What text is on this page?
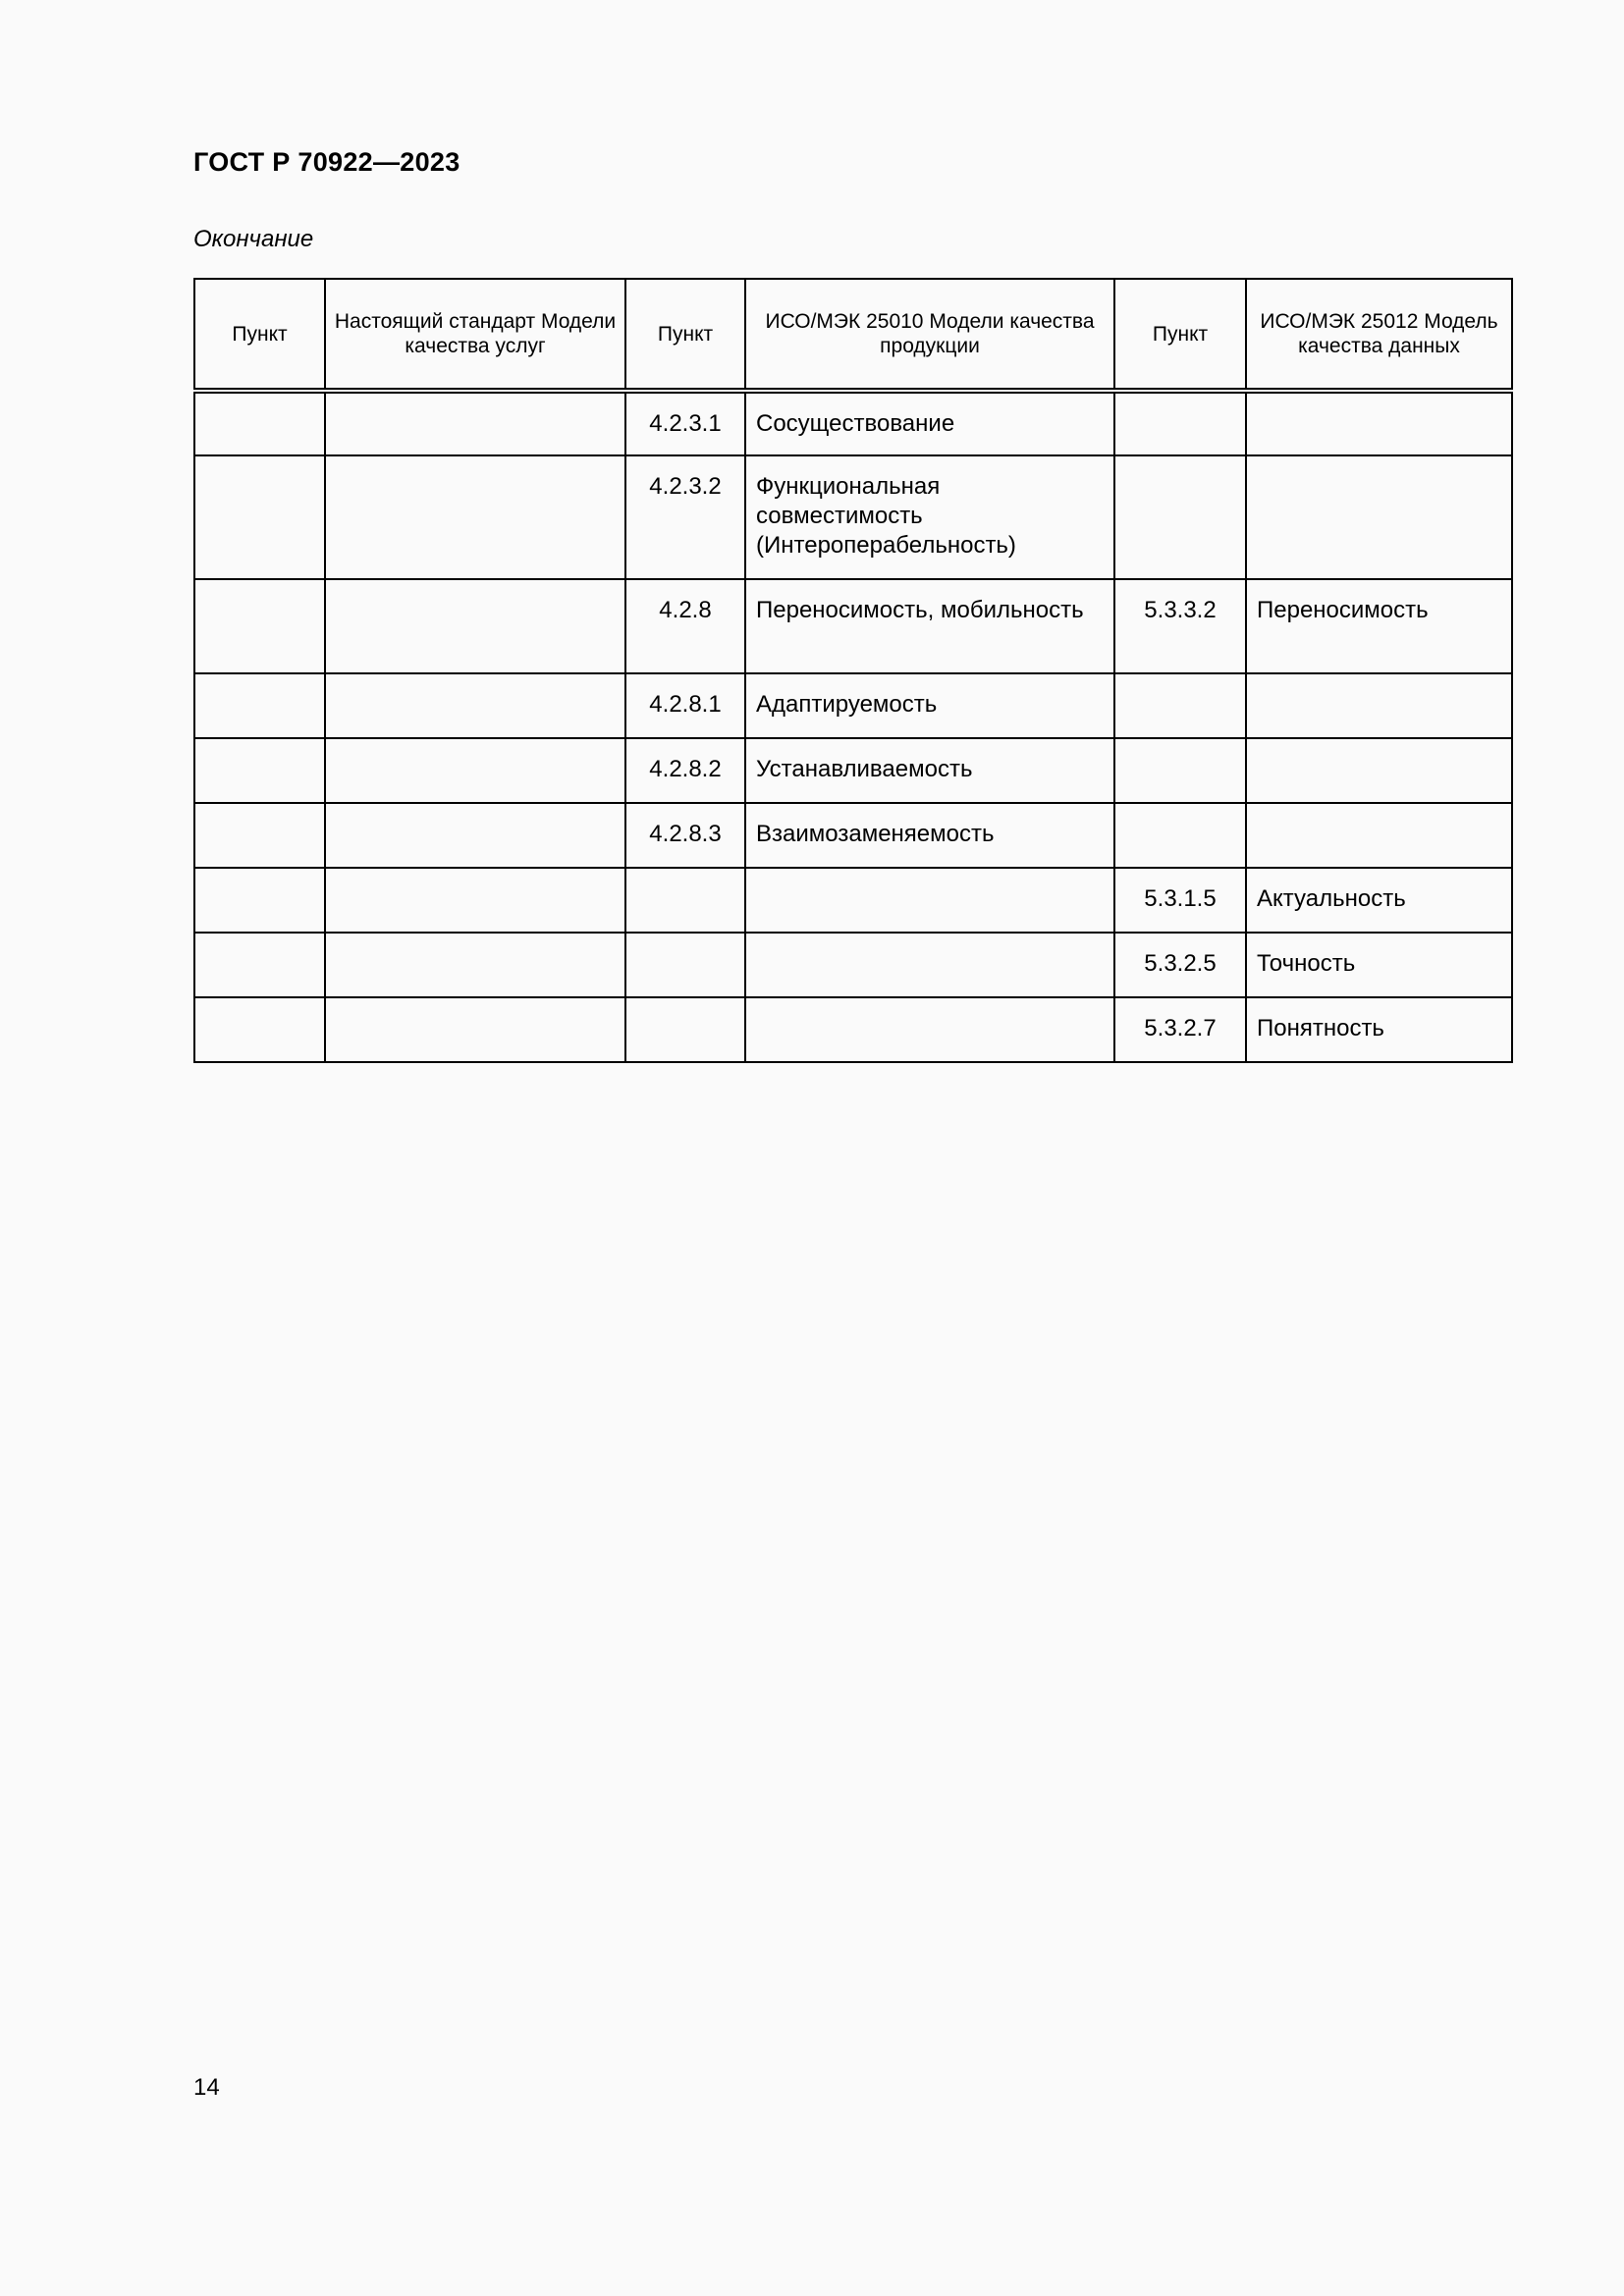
ГОСТ Р 70922—2023
Окончание
Пункт	Настоящий стандарт Модели качества услуг	Пункт	ИСО/МЭК 25010 Модели качества продукции	Пункт	ИСО/МЭК 25012 Модель качества данных
		4.2.3.1	Сосуществование		
		4.2.3.2	Функциональная совместимость (Интероперабельность)		
		4.2.8	Переносимость, мобильность	5.3.3.2	Переносимость
		4.2.8.1	Адаптируемость		
		4.2.8.2	Устанавливаемость		
		4.2.8.3	Взаимозаменяемость		
				5.3.1.5	Актуальность
				5.3.2.5	Точность
				5.3.2.7	Понятность
14
